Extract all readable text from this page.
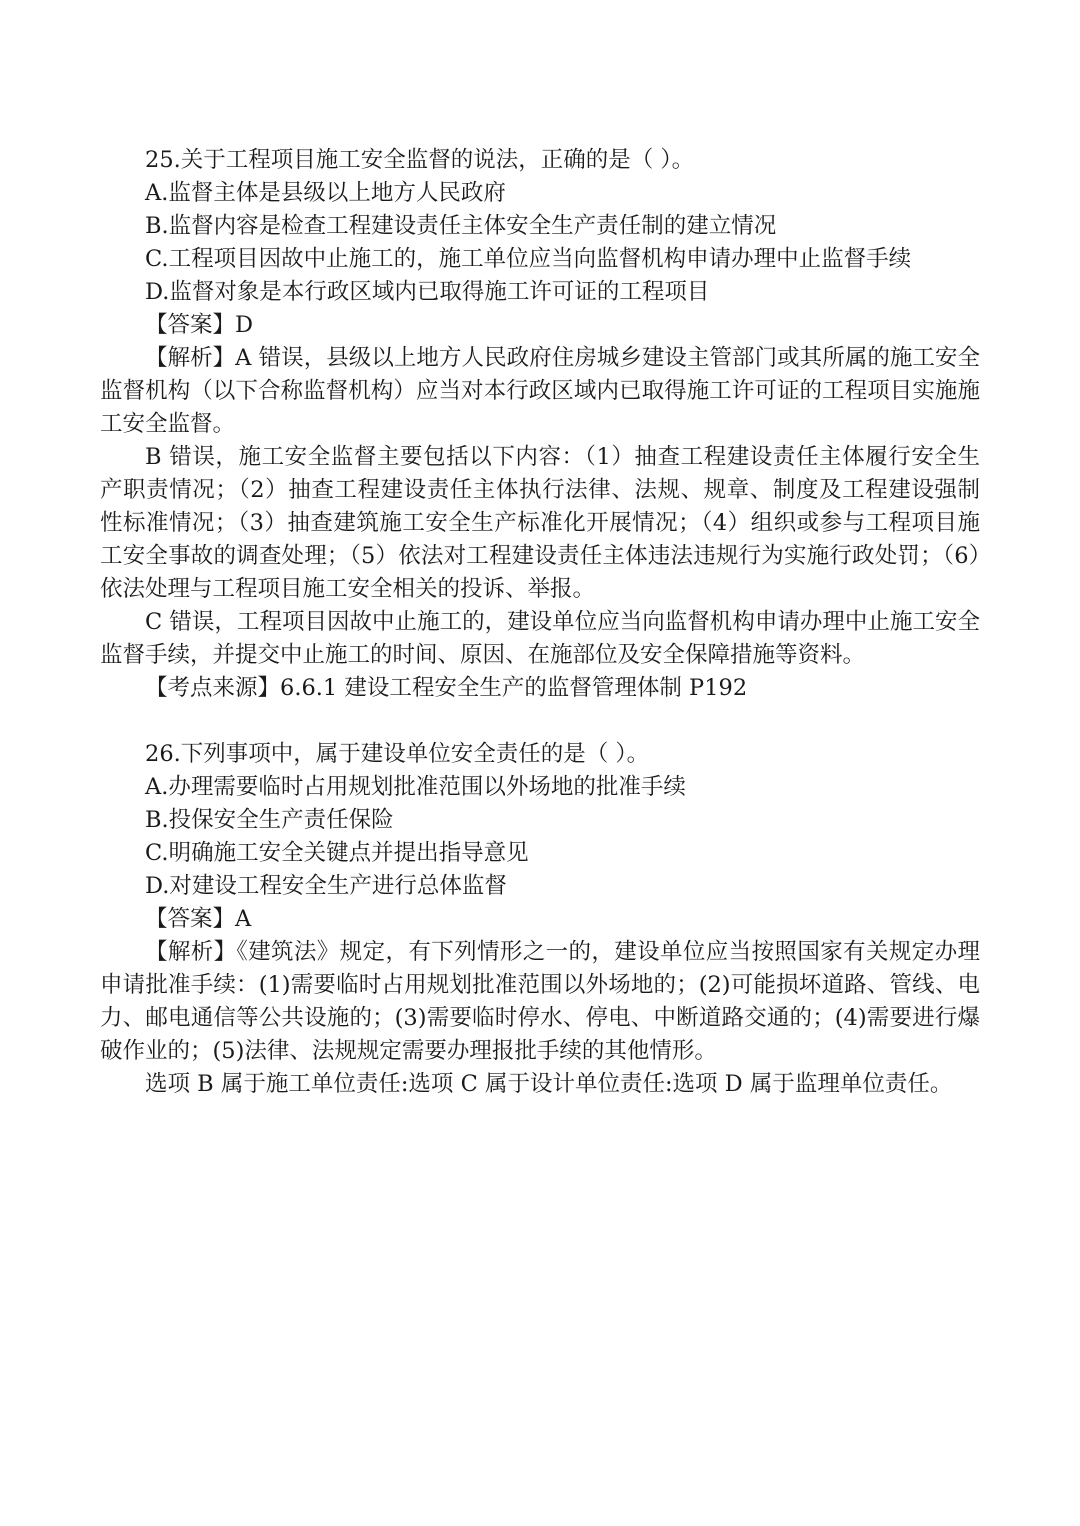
25.关于工程项目施工安全监督的说法，正确的是（ ）。

A.监督主体是县级以上地方人民政府

B.监督内容是检查工程建设责任主体安全生产责任制的建立情况

C.工程项目因故中止施工的，施工单位应当向监督机构申请办理中止监督手续

D.监督对象是本行政区域内已取得施工许可证的工程项目

【答案】D

【解析】A 错误，县级以上地方人民政府住房城乡建设主管部门或其所属的施工安全监督机构（以下合称监督机构）应当对本行政区域内已取得施工许可证的工程项目实施施工安全监督。

B 错误，施工安全监督主要包括以下内容：（1）抽查工程建设责任主体履行安全生产职责情况；（2）抽查工程建设责任主体执行法律、法规、规章、制度及工程建设强制性标准情况；（3）抽查建筑施工安全生产标准化开展情况；（4）组织或参与工程项目施工安全事故的调查处理；（5）依法对工程建设责任主体违法违规行为实施行政处罚；（6）依法处理与工程项目施工安全相关的投诉、举报。

C 错误，工程项目因故中止施工的，建设单位应当向监督机构申请办理中止施工安全监督手续，并提交中止施工的时间、原因、在施部位及安全保障措施等资料。

【考点来源】6.6.1 建设工程安全生产的监督管理体制 P192

26.下列事项中，属于建设单位安全责任的是（ ）。

A.办理需要临时占用规划批准范围以外场地的批准手续

B.投保安全生产责任保险

C.明确施工安全关键点并提出指导意见

D.对建设工程安全生产进行总体监督

【答案】A

【解析】《建筑法》规定，有下列情形之一的，建设单位应当按照国家有关规定办理申请批准手续：(1)需要临时占用规划批准范围以外场地的；(2)可能损坏道路、管线、电力、邮电通信等公共设施的；(3)需要临时停水、停电、中断道路交通的；(4)需要进行爆破作业的；(5)法律、法规规定需要办理报批手续的其他情形。

选项 B 属于施工单位责任:选项 C 属于设计单位责任:选项 D 属于监理单位责任。
